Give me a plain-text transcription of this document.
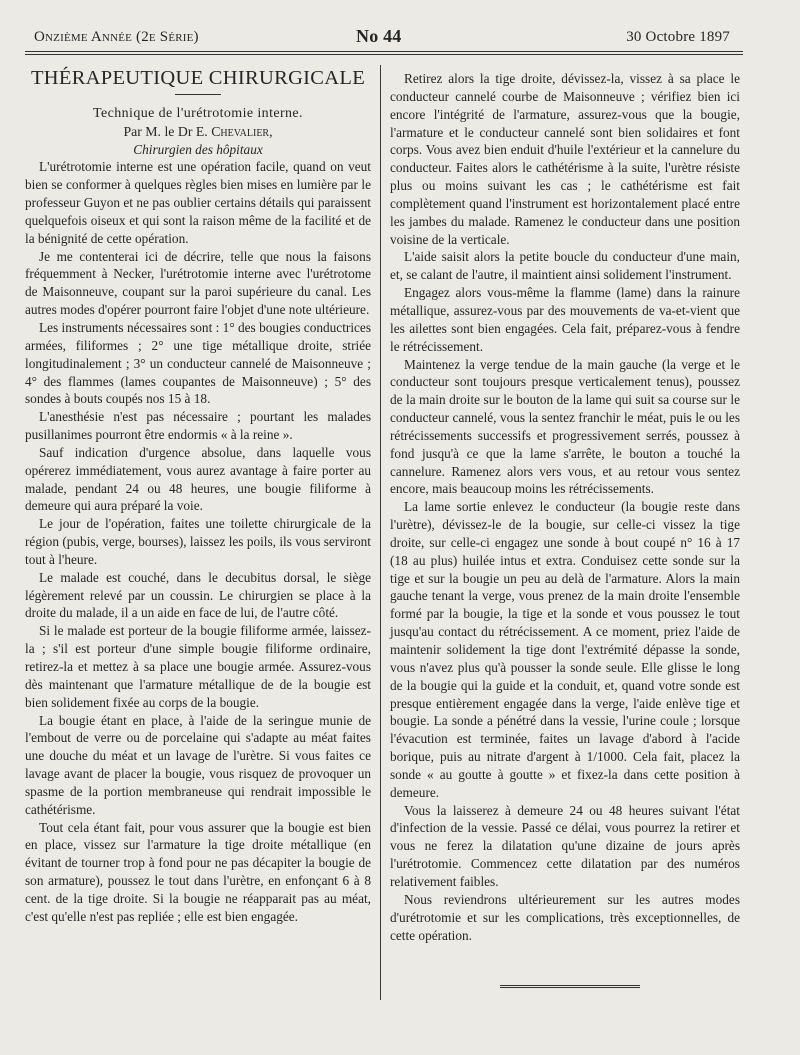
Onzième Année (2e Série)	No 44	30 Octobre 1897

THÉRAPEUTIQUE CHIRURGICALE

Technique de l'urétrotomie interne.

Par M. le Dr E. Chevalier,

Chirurgien des hôpitaux

L'urétrotomie interne est une opération facile, quand on veut bien se conformer à quelques règles bien mises en lumière par le professeur Guyon et ne pas oublier certains détails qui paraissent quelquefois oiseux et qui sont la raison même de la facilité et de la bénignité de cette opération.

Je me contenterai ici de décrire, telle que nous la faisons fréquemment à Necker, l'urétrotomie interne avec l'urétrotome de Maisonneuve, coupant sur la paroi supérieure du canal. Les autres modes d'opérer pourront faire l'objet d'une note ultérieure.

Les instruments nécessaires sont : 1° des bougies conductrices armées, filiformes ; 2° une tige métallique droite, striée longitudinalement ; 3° un conducteur cannelé de Maisonneuve ; 4° des flammes (lames coupantes de Maisonneuve) ; 5° des sondes à bouts coupés nos 15 à 18.

L'anesthésie n'est pas nécessaire ; pourtant les malades pusillanimes pourront être endormis « à la reine ».

Sauf indication d'urgence absolue, dans laquelle vous opérerez immédiatement, vous aurez avantage à faire porter au malade, pendant 24 ou 48 heures, une bougie filiforme à demeure qui aura préparé la voie.

Le jour de l'opération, faites une toilette chirurgicale de la région (pubis, verge, bourses), laissez les poils, ils vous serviront tout à l'heure.

Le malade est couché, dans le decubitus dorsal, le siège légèrement relevé par un coussin. Le chirurgien se place à la droite du malade, il a un aide en face de lui, de l'autre côté.

Si le malade est porteur de la bougie filiforme armée, laissez-la ; s'il est porteur d'une simple bougie filiforme ordinaire, retirez-la et mettez à sa place une bougie armée. Assurez-vous dès maintenant que l'armature métallique de de la bougie est bien solidement fixée au corps de la bougie.

La bougie étant en place, à l'aide de la seringue munie de l'embout de verre ou de porcelaine qui s'adapte au méat faites une douche du méat et un lavage de l'urètre. Si vous faites ce lavage avant de placer la bougie, vous risquez de provoquer un spasme de la portion membraneuse qui rendrait impossible le cathétérisme.

Tout cela étant fait, pour vous assurer que la bougie est bien en place, vissez sur l'armature la tige droite métallique (en évitant de tourner trop à fond pour ne pas décapiter la bougie de son armature), poussez le tout dans l'urètre, en enfonçant 6 à 8 cent. de la tige droite. Si la bougie ne réapparait pas au méat, c'est qu'elle n'est pas repliée ; elle est bien engagée.

Retirez alors la tige droite, dévissez-la, vissez à sa place le conducteur cannelé courbe de Maisonneuve ; vérifiez bien ici encore l'intégrité de l'armature, assurez-vous que la bougie, l'armature et le conducteur cannelé sont bien solidaires et font corps. Vous avez bien enduit d'huile l'extérieur et la cannelure du conducteur. Faites alors le cathétérisme à la suite, l'urètre résiste plus ou moins suivant les cas ; le cathétérisme est fait complètement quand l'instrument est horizontalement placé entre les jambes du malade. Ramenez le conducteur dans une position voisine de la verticale.

L'aide saisit alors la petite boucle du conducteur d'une main, et, se calant de l'autre, il maintient ainsi solidement l'instrument.

Engagez alors vous-même la flamme (lame) dans la rainure métallique, assurez-vous par des mouvements de va-et-vient que les ailettes sont bien engagées. Cela fait, préparez-vous à fendre le rétrécissement.

Maintenez la verge tendue de la main gauche (la verge et le conducteur sont toujours presque verticalement tenus), poussez de la main droite sur le bouton de la lame qui suit sa course sur le conducteur cannelé, vous la sentez franchir le méat, puis le ou les rétrécissements successifs et progressivement serrés, poussez à fond jusqu'à ce que la lame s'arrête, le bouton a touché la cannelure. Ramenez alors vers vous, et au retour vous sentez encore, mais beaucoup moins les rétrécissements.

La lame sortie enlevez le conducteur (la bougie reste dans l'urètre), dévissez-le de la bougie, sur celle-ci vissez la tige droite, sur celle-ci engagez une sonde à bout coupé n° 16 à 17 (18 au plus) huilée intus et extra. Conduisez cette sonde sur la tige et sur la bougie un peu au delà de l'armature. Alors la main gauche tenant la verge, vous prenez de la main droite l'ensemble formé par la bougie, la tige et la sonde et vous poussez le tout jusqu'au contact du rétrécissement. A ce moment, priez l'aide de maintenir solidement la tige dont l'extrémité dépasse la sonde, vous n'avez plus qu'à pousser la sonde seule. Elle glisse le long de la bougie qui la guide et la conduit, et, quand votre sonde est presque entièrement engagée dans la verge, l'aide enlève tige et bougie. La sonde a pénétré dans la vessie, l'urine coule ; lorsque l'évacution est terminée, faites un lavage d'abord à l'acide borique, puis au nitrate d'argent à 1/1000. Cela fait, placez la sonde « au goutte à goutte » et fixez-la dans cette position à demeure.

Vous la laisserez à demeure 24 ou 48 heures suivant l'état d'infection de la vessie. Passé ce délai, vous pourrez la retirer et vous ne ferez la dilatation qu'une dizaine de jours après l'urétrotomie. Commencez cette dilatation par des numéros relativement faibles.

Nous reviendrons ultérieurement sur les autres modes d'urétrotomie et sur les complications, très exceptionnelles, de cette opération.
